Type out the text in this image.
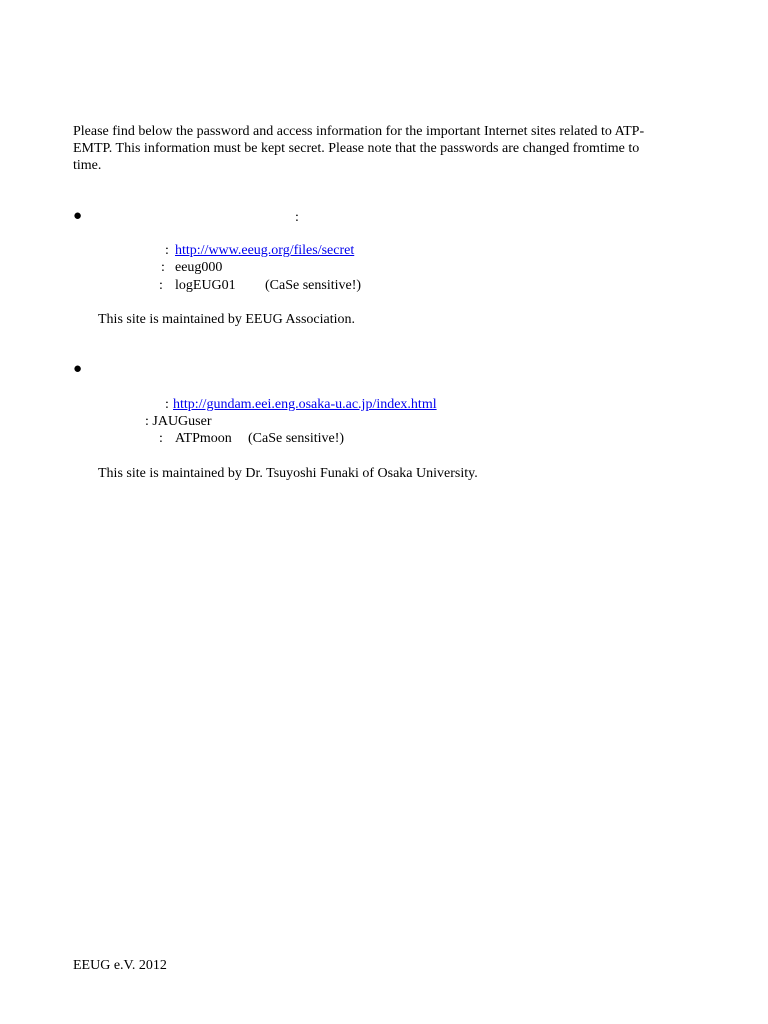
Please find below the password and access information for the important Internet sites related to ATP-
EMTP. This information must be kept secret. Please note that the passwords are changed fromtime to
time.
●	:
: http://www.eeug.org/files/secret
: eeug000
: logEUG01 (CaSe sensitive!)
This site is maintained by EEUG Association.
●
: http://gundam.eei.eng.osaka-u.ac.jp/index.html
: JAUGuser
: ATPmoon (CaSe sensitive!)
This site is maintained by Dr. Tsuyoshi Funaki of Osaka University.
EEUG e.V. 2012
